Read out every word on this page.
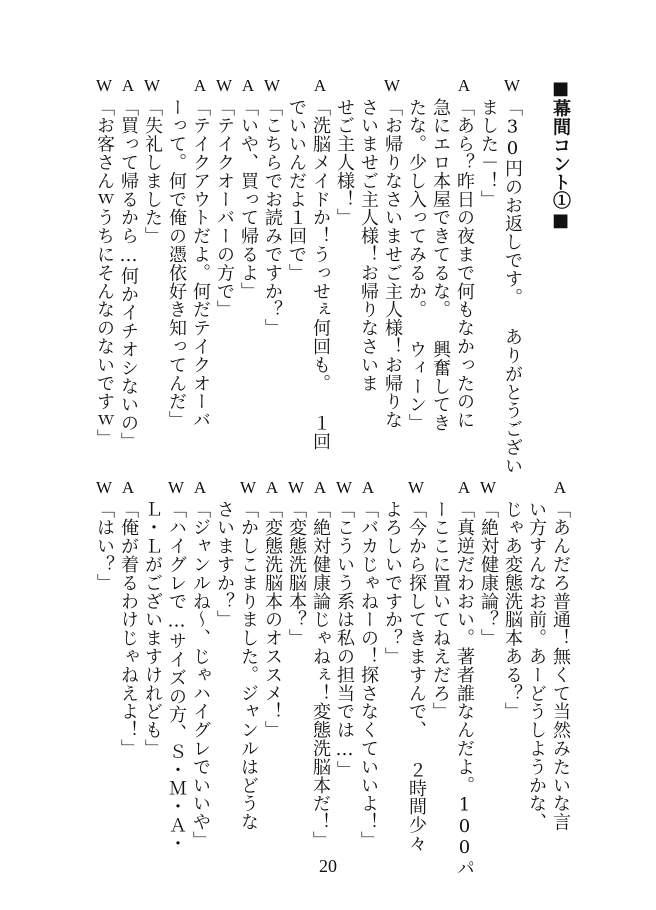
■幕間コント①■
W
「30円のお返しです。 ありがとうござい
ました－！」
A
「あら？昨日の夜まで何もなかったのに
急にエロ本屋できてるな。 興奮してき
たな。少し入ってみるか。 ウィーン」
W
「お帰りなさいませご主人様！お帰りな
さいませご主人様！お帰りなさいま
せご主人様！」
A
「洗脳メイドか！うっせぇ何回も。 １回
でいいんだよ１回で」
W
「こちらでお読みですか？」
A
「いや、買って帰るよ」
W
「テイクオーバーの方で」
A
「テイクアウトだよ。何だテイクオーバ
ーって。何で俺の憑依好き知ってんだ」
W
「失礼しました」
A
「買って帰るから…何かイチオシないの」
W
「お客さんｗうちにそんなのないですｗ」
A
「あんだろ普通！無くて当然みたいな言
い方すんなお前。あーどうしようかな、
じゃあ変態洗脳本ある？」
W
「絶対健康論？」
A
「真逆だわおい。著者誰なんだよ。100パ
ーここに置いてねえだろ」
W
「今から探してきますんで、 ２時間少々
よろしいですか？」
A
「バカじゃねーの！探さなくていいよ！」
W
「こういう系は私の担当では…」
A
「絶対健康論じゃねぇ！変態洗脳本だ！」
W
「変態洗脳本？」
A
「変態洗脳本のオススメ！」
W
「かしこまりました。ジャンルはどうな
さいますか？」
A
「ジャンルね～、じゃハイグレでいいや」
W
「ハイグレで…サイズの方、Ｓ・Ｍ・Ａ・
Ｌ・Ｌがございますけれども」
A
「俺が着るわけじゃねえよ！」
W
「はい？」
20
